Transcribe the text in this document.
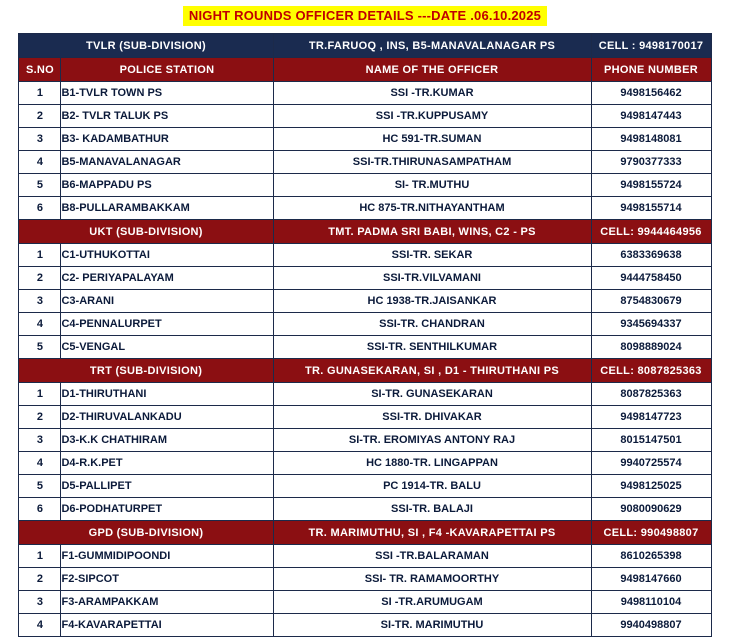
NIGHT ROUNDS OFFICER DETAILS ---DATE .06.10.2025
TVLR (SUB-DIVISION)		TR.FARUOQ , INS, B5-MANAVALANAGAR PS	CELL : 9498170017
S.NO	POLICE STATION	NAME OF THE OFFICER	PHONE NUMBER

1	B1-TVLR TOWN PS	SSI -TR.KUMAR	9498156462

2	B2- TVLR TALUK PS	SSI -TR.KUPPUSAMY	9498147443

3	B3- KADAMBATHUR	HC 591-TR.SUMAN	9498148081

4	B5-MANAVALANAGAR	SSI-TR.THIRUNASAMPATHAM	9790377333

5	B6-MAPPADU PS	SI- TR.MUTHU	9498155724

6	B8-PULLARAMBAKKAM	HC 875-TR.NITHAYANTHAM	9498155714

UKT (SUB-DIVISION)		TMT. PADMA SRI BABI, WINS, C2 - PS	CELL: 9944464956

1	C1-UTHUKOTTAI	SSI-TR. SEKAR	6383369638

2	C2- PERIYAPALAYAM	SSI-TR.VILVAMANI	9444758450

3	C3-ARANI	HC 1938-TR.JAISANKAR	8754830679

4	C4-PENNALURPET	SSI-TR. CHANDRAN	9345694337

5	C5-VENGAL	SSI-TR. SENTHILKUMAR	8098889024

TRT (SUB-DIVISION)		TR. GUNASEKARAN, SI , D1 - THIRUTHANI PS	CELL: 8087825363

1	D1-THIRUTHANI	SI-TR. GUNASEKARAN	8087825363

2	D2-THIRUVALANKADU	SSI-TR. DHIVAKAR	9498147723

3	D3-K.K CHATHIRAM	SI-TR. EROMIYAS ANTONY RAJ	8015147501

4	D4-R.K.PET	HC 1880-TR. LINGAPPAN	9940725574

5	D5-PALLIPET	PC 1914-TR. BALU	9498125025

6	D6-PODHATURPET	SSI-TR. BALAJI	9080090629

GPD (SUB-DIVISION)		TR. MARIMUTHU, SI , F4 -KAVARAPETTAI PS	CELL: 990498807

1	F1-GUMMIDIPOONDI	SSI -TR.BALARAMAN	8610265398

2	F2-SIPCOT	SSI- TR. RAMAMOORTHY	9498147660

3	F3-ARAMPAKKAM	SI -TR.ARUMUGAM	9498110104

4	F4-KAVARAPETTAI	SI-TR. MARIMUTHU	9940498807
